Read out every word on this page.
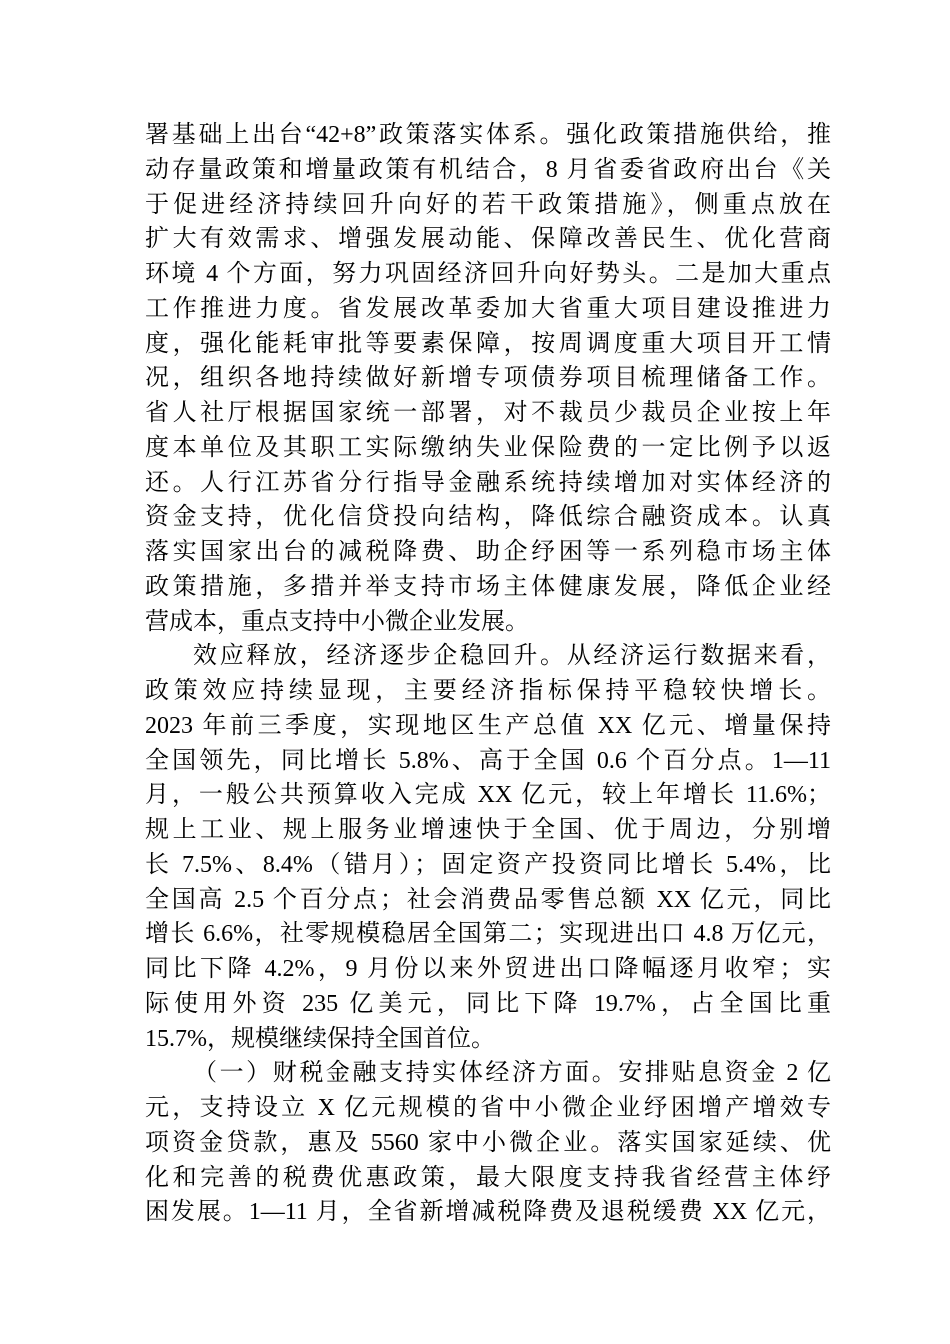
署基础上出台“42+8”政策落实体系。强化政策措施供给，推
动存量政策和增量政策有机结合，8 月省委省政府出台《关
于促进经济持续回升向好的若干政策措施》，侧重点放在
扩大有效需求、增强发展动能、保障改善民生、优化营商
环境 4 个方面，努力巩固经济回升向好势头。二是加大重点
工作推进力度。省发展改革委加大省重大项目建设推进力
度，强化能耗审批等要素保障，按周调度重大项目开工情
况，组织各地持续做好新增专项债券项目梳理储备工作。
省人社厅根据国家统一部署，对不裁员少裁员企业按上年
度本单位及其职工实际缴纳失业保险费的一定比例予以返
还。人行江苏省分行指导金融系统持续增加对实体经济的
资金支持，优化信贷投向结构，降低综合融资成本。认真
落实国家出台的减税降费、助企纾困等一系列稳市场主体
政策措施，多措并举支持市场主体健康发展，降低企业经
营成本，重点支持中小微企业发展。
效应释放，经济逐步企稳回升。从经济运行数据来看，
政策效应持续显现，主要经济指标保持平稳较快增长。
2023 年前三季度，实现地区生产总值 XX 亿元、增量保持
全国领先，同比增长 5.8%、高于全国 0.6 个百分点。1—11
月，一般公共预算收入完成 XX 亿元，较上年增长 11.6%；
规上工业、规上服务业增速快于全国、优于周边，分别增
长 7.5%、8.4%（错月）；固定资产投资同比增长 5.4%，比
全国高 2.5 个百分点；社会消费品零售总额 XX 亿元，同比
增长 6.6%，社零规模稳居全国第二；实现进出口 4.8 万亿元，
同比下降 4.2%，9 月份以来外贸进出口降幅逐月收窄；实
际使用外资 235 亿美元，同比下降 19.7%，占全国比重
15.7%，规模继续保持全国首位。
（一）财税金融支持实体经济方面。安排贴息资金 2 亿
元，支持设立 X 亿元规模的省中小微企业纾困增产增效专
项资金贷款，惠及 5560 家中小微企业。落实国家延续、优
化和完善的税费优惠政策，最大限度支持我省经营主体纾
困发展。1—11 月，全省新增减税降费及退税缓费 XX 亿元，
